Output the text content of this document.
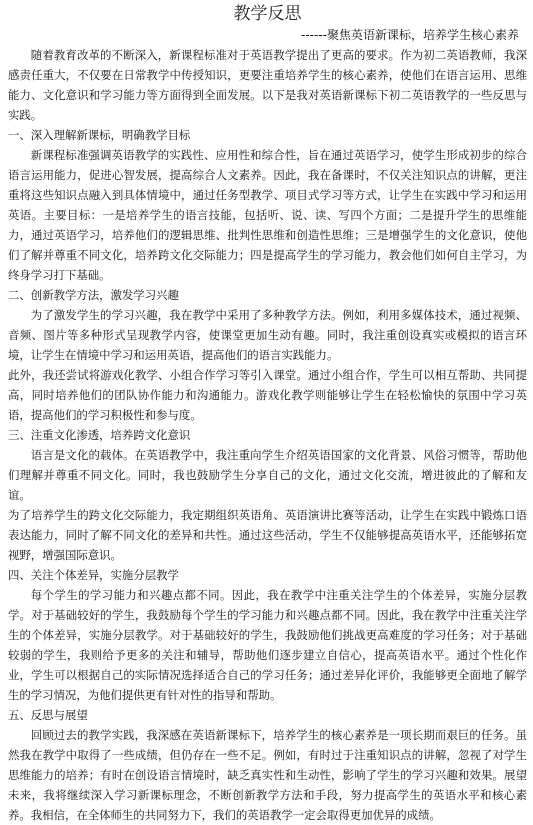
教学反思
------聚焦英语新课标，培养学生核心素养

随着教育改革的不断深入，新课程标准对于英语教学提出了更高的要求。作为初二英语教师，我深感责任重大，不仅要在日常教学中传授知识，更要注重培养学生的核心素养，使他们在语言运用、思维能力、文化意识和学习能力等方面得到全面发展。以下是我对英语新课标下初二英语教学的一些反思与实践。

一、深入理解新课标，明确教学目标

新课程标准强调英语教学的实践性、应用性和综合性，旨在通过英语学习，使学生形成初步的综合语言运用能力，促进心智发展，提高综合人文素养。因此，我在备课时，不仅关注知识点的讲解，更注重将这些知识点融入到具体情境中，通过任务型教学、项目式学习等方式，让学生在实践中学习和运用英语。主要目标：一是培养学生的语言技能，包括听、说、读、写四个方面；二是提升学生的思维能力，通过英语学习，培养他们的逻辑思维、批判性思维和创造性思维；三是增强学生的文化意识，使他们了解并尊重不同文化，培养跨文化交际能力；四是提高学生的学习能力，教会他们如何自主学习，为终身学习打下基础。

二、创新教学方法，激发学习兴趣

为了激发学生的学习兴趣，我在教学中采用了多种教学方法。例如，利用多媒体技术，通过视频、音频、图片等多种形式呈现教学内容，使课堂更加生动有趣。同时，我注重创设真实或模拟的语言环境，让学生在情境中学习和运用英语，提高他们的语言实践能力。

此外，我还尝试将游戏化教学、小组合作学习等引入课堂。通过小组合作，学生可以相互帮助、共同提高，同时培养他们的团队协作能力和沟通能力。游戏化教学则能够让学生在轻松愉快的氛围中学习英语，提高他们的学习积极性和参与度。

三、注重文化渗透，培养跨文化意识

语言是文化的载体。在英语教学中，我注重向学生介绍英语国家的文化背景、风俗习惯等，帮助他们理解并尊重不同文化。同时，我也鼓励学生分享自己的文化，通过文化交流，增进彼此的了解和友谊。

为了培养学生的跨文化交际能力，我定期组织英语角、英语演讲比赛等活动，让学生在实践中锻炼口语表达能力，同时了解不同文化的差异和共性。通过这些活动，学生不仅能够提高英语水平，还能够拓宽视野，增强国际意识。

四、关注个体差异，实施分层教学

每个学生的学习能力和兴趣点都不同。因此，我在教学中注重关注学生的个体差异，实施分层教学。对于基础较好的学生，我鼓励每个学生的学习能力和兴趣点都不同。因此，我在教学中注重关注学生的个体差异，实施分层教学。对于基础较好的学生，我鼓励他们挑战更高难度的学习任务；对于基础较弱的学生，我则给予更多的关注和辅导，帮助他们逐步建立自信心，提高英语水平。通过个性化作业，学生可以根据自己的实际情况选择适合自己的学习任务；通过差异化评价，我能够更全面地了解学生的学习情况，为他们提供更有针对性的指导和帮助。

五、反思与展望

回顾过去的教学实践，我深感在英语新课标下，培养学生的核心素养是一项长期而艰巨的任务。虽然我在教学中取得了一些成绩，但仍存在一些不足。例如，有时过于注重知识点的讲解，忽视了对学生思维能力的培养；有时在创设语言情境时，缺乏真实性和生动性，影响了学生的学习兴趣和效果。展望未来，我将继续深入学习新课标理念，不断创新教学方法和手段，努力提高学生的英语水平和核心素养。我相信，在全体师生的共同努力下，我们的英语教学一定会取得更加优异的成绩。
